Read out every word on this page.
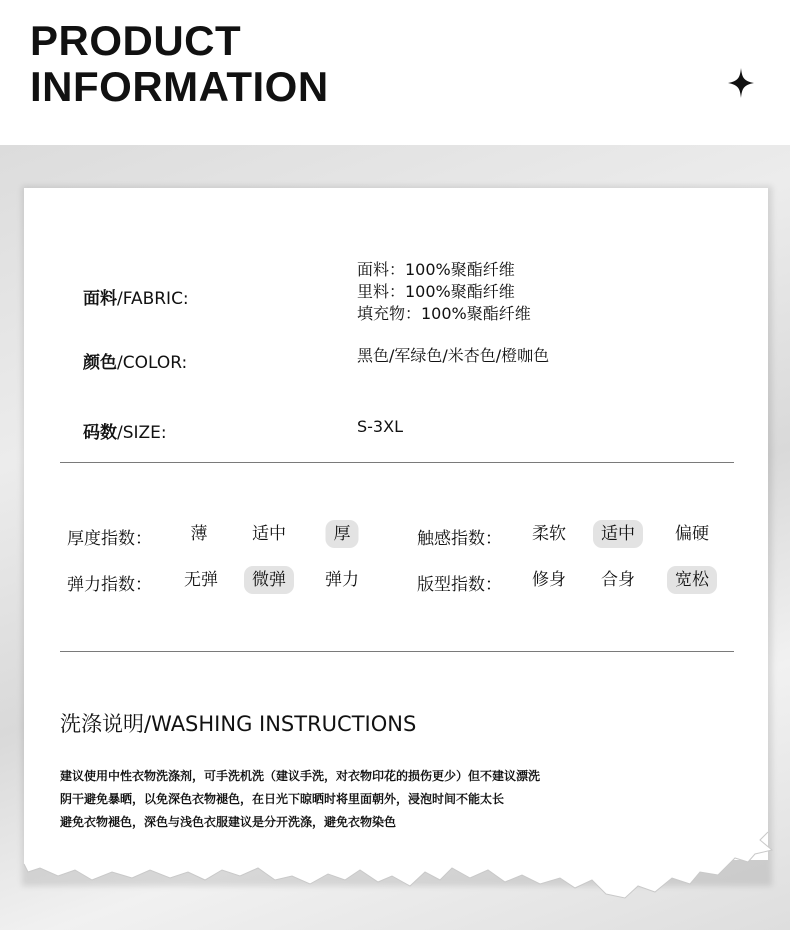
PRODUCT
INFORMATION
面料/FABRIC:
面料：100%聚酯纤维
里料：100%聚酯纤维
填充物：100%聚酯纤维
颜色/COLOR:	黑色/军绿色/米杏色/橙咖色
码数/SIZE:	S-3XL
厚度指数：	薄	适中	厚	触感指数：	柔软	适中	偏硬
弹力指数：	无弹	微弹	弹力	版型指数：	修身	合身	宽松
洗涤说明/WASHING INSTRUCTIONS
建议使用中性衣物洗涤剂，可手洗机洗（建议手洗，对衣物印花的损伤更少）但不建议漂洗
阴干避免暴晒，以免深色衣物褪色，在日光下晾晒时将里面朝外，浸泡时间不能太长
避免衣物褪色，深色与浅色衣服建议是分开洗涤，避免衣物染色
